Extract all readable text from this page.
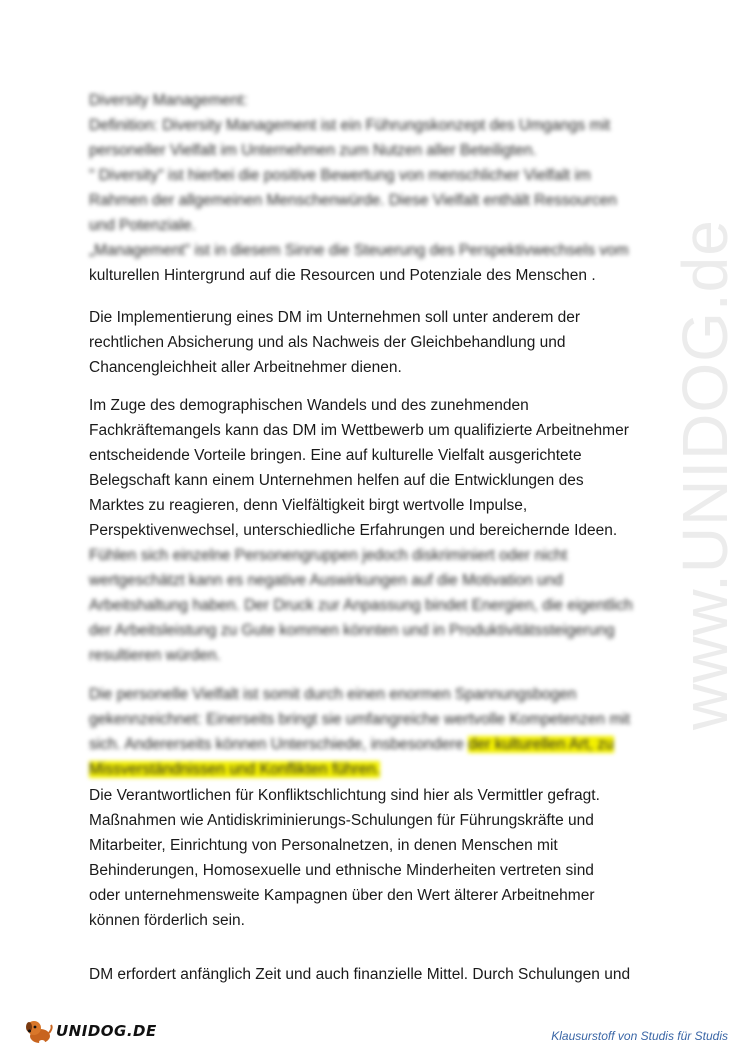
www.UNIDOG.de

Diversity Management:

Definition: Diversity Management ist ein Führungskonzept des Umgangs mit

personeller Vielfalt im Unternehmen zum Nutzen aller Beteiligten.

" Diversity" ist hierbei die positive Bewertung von menschlicher Vielfalt im

Rahmen der allgemeinen Menschenwürde. Diese Vielfalt enthält Ressourcen

und Potenziale.

„Management" ist in diesem Sinne die Steuerung des Perspektivwechsels vom

kulturellen Hintergrund auf die Resourcen und Potenziale des Menschen .

Die Implementierung eines DM im Unternehmen soll unter anderem der

rechtlichen Absicherung und als Nachweis der Gleichbehandlung und

Chancengleichheit aller Arbeitnehmer dienen.

Im Zuge des demographischen Wandels und des zunehmenden

Fachkräftemangels kann das DM im Wettbewerb um qualifizierte Arbeitnehmer

entscheidende Vorteile bringen. Eine auf kulturelle Vielfalt ausgerichtete

Belegschaft kann einem Unternehmen helfen auf die Entwicklungen des

Marktes zu reagieren, denn Vielfältigkeit birgt wertvolle Impulse,

Perspektivenwechsel, unterschiedliche Erfahrungen und bereichernde Ideen.

Fühlen sich einzelne Personengruppen jedoch diskriminiert oder nicht

wertgeschätzt kann es negative Auswirkungen auf die Motivation und

Arbeitshaltung haben. Der Druck zur Anpassung bindet Energien, die eigentlich

der Arbeitsleistung zu Gute kommen könnten und in Produktivitätssteigerung

resultieren würden.

Die personelle Vielfalt ist somit durch einen enormen Spannungsbogen

gekennzeichnet: Einerseits bringt sie umfangreiche wertvolle Kompetenzen mit

sich. Andererseits können Unterschiede, insbesondere der kulturellen Art, zu

Missverständnissen und Konflikten führen.

Die Verantwortlichen für Konfliktschlichtung sind hier als Vermittler gefragt.

Maßnahmen wie Antidiskriminierungs-Schulungen für Führungskräfte und

Mitarbeiter, Einrichtung von Personalnetzen, in denen Menschen mit

Behinderungen, Homosexuelle und ethnische Minderheiten vertreten sind

oder unternehmensweite Kampagnen über den Wert älterer Arbeitnehmer

können förderlich sein.

DM erfordert anfänglich Zeit und auch finanzielle Mittel. Durch Schulungen und

UNIDOG.DE	Klausurstoff von Studis für Studis
